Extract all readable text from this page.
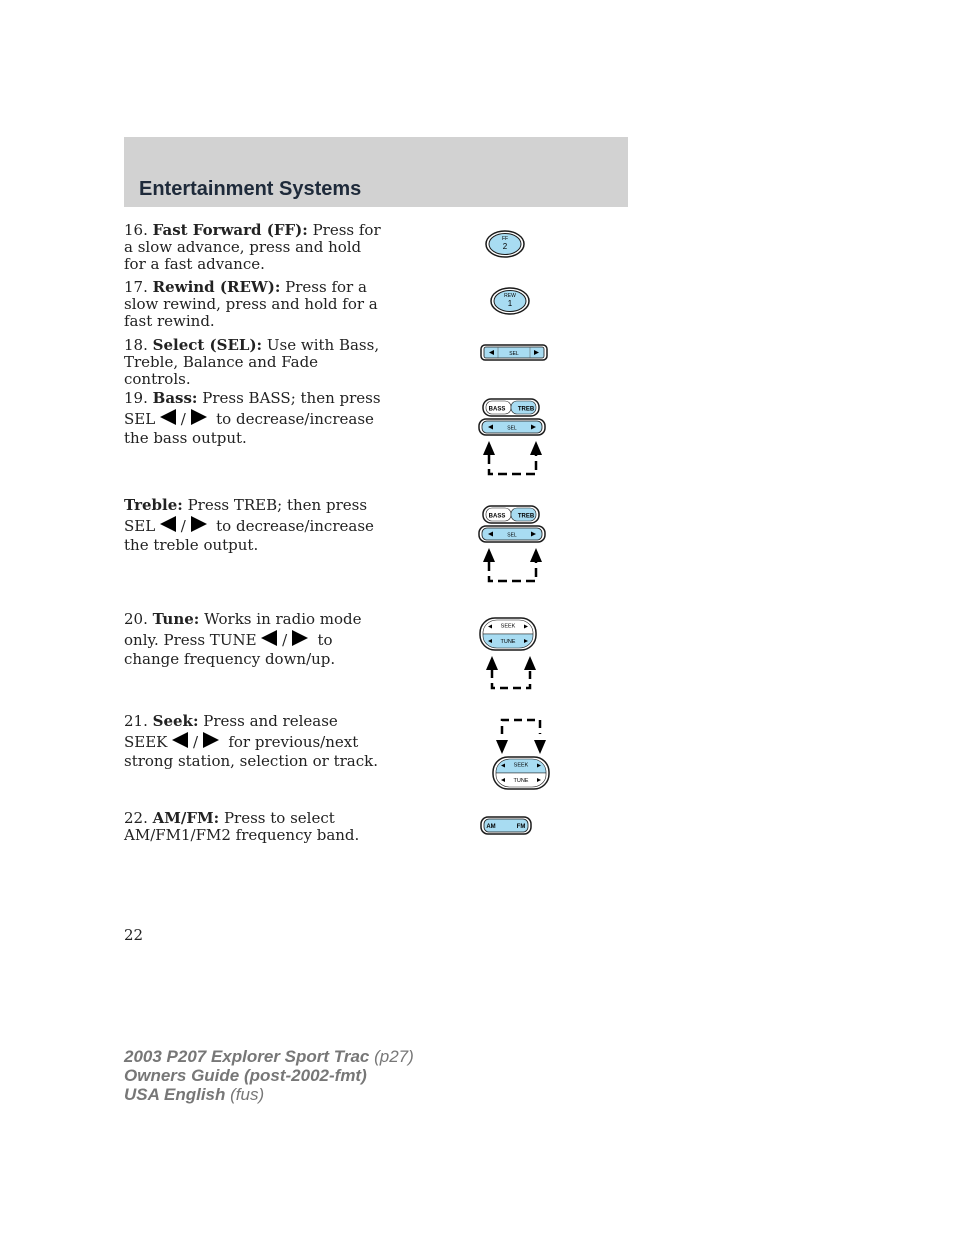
Entertainment Systems
16. Fast Forward (FF): Press for a slow advance, press and hold for a fast advance.
FF
2
17. Rewind (REW): Press for a slow rewind, press and hold for a fast rewind.
REW
1
18. Select (SEL): Use with Bass, Treble, Balance and Fade controls.
SEL
19. Bass: Press BASS; then press SEL / to decrease/increase the bass output.
BASS TREB
SEL
Treble: Press TREB; then press SEL / to decrease/increase the treble output.
BASS TREB
SEL
20. Tune: Works in radio mode only. Press TUNE / to change frequency down/up.
SEEK
TUNE
21. Seek: Press and release SEEK / for previous/next strong station, selection or track.	SEEK
TUNE
22. AM/FM: Press to select AM/FM1/FM2 frequency band.	AM	FM
22
2003 P207 Explorer Sport Trac (p27)
Owners Guide (post-2002-fmt)
USA English (fus)
